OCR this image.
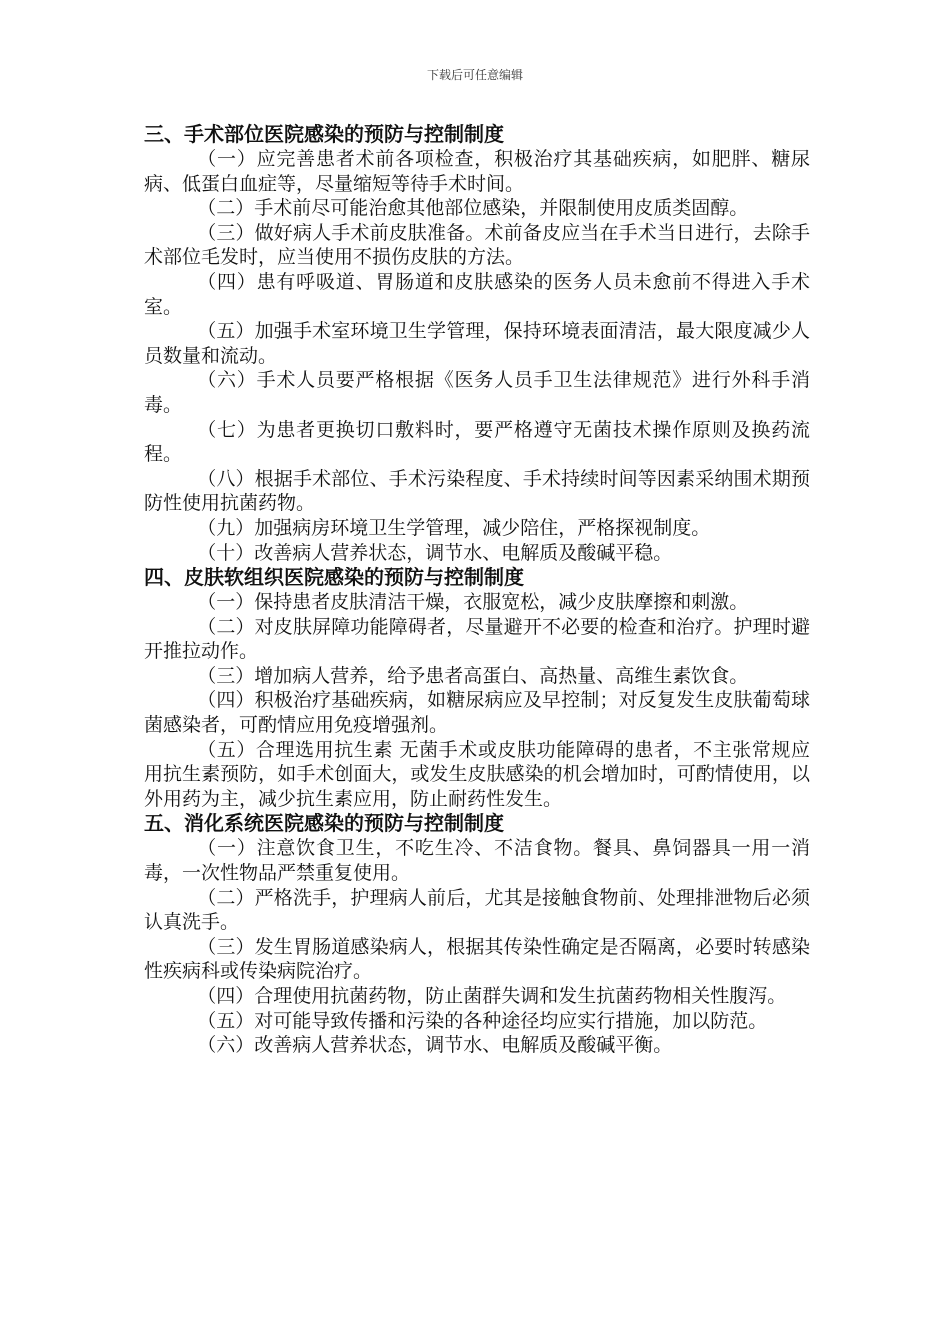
下载后可任意编辑
三、手术部位医院感染的预防与控制制度

（一）应完善患者术前各项检查，积极治疗其基础疾病，如肥胖、糖尿病、低蛋白血症等，尽量缩短等待手术时间。

（二）手术前尽可能治愈其他部位感染，并限制使用皮质类固醇。

（三）做好病人手术前皮肤准备。术前备皮应当在手术当日进行，去除手术部位毛发时，应当使用不损伤皮肤的方法。

（四）患有呼吸道、胃肠道和皮肤感染的医务人员未愈前不得进入手术室。

（五）加强手术室环境卫生学管理，保持环境表面清洁，最大限度减少人员数量和流动。

（六）手术人员要严格根据《医务人员手卫生法律规范》进行外科手消毒。

（七）为患者更换切口敷料时，要严格遵守无菌技术操作原则及换药流程。

（八）根据手术部位、手术污染程度、手术持续时间等因素采纳围术期预防性使用抗菌药物。

（九）加强病房环境卫生学管理，减少陪住，严格探视制度。

（十）改善病人营养状态，调节水、电解质及酸碱平稳。

四、皮肤软组织医院感染的预防与控制制度

（一）保持患者皮肤清洁干燥，衣服宽松，减少皮肤摩擦和刺激。

（二）对皮肤屏障功能障碍者，尽量避开不必要的检查和治疗。护理时避开推拉动作。

（三）增加病人营养，给予患者高蛋白、高热量、高维生素饮食。

（四）积极治疗基础疾病，如糖尿病应及早控制；对反复发生皮肤葡萄球菌感染者，可酌情应用免疫增强剂。

（五）合理选用抗生素 无菌手术或皮肤功能障碍的患者，不主张常规应用抗生素预防，如手术创面大，或发生皮肤感染的机会增加时，可酌情使用，以外用药为主，减少抗生素应用，防止耐药性发生。

五、消化系统医院感染的预防与控制制度

（一）注意饮食卫生，不吃生冷、不洁食物。餐具、鼻饲器具一用一消毒，一次性物品严禁重复使用。

（二）严格洗手，护理病人前后，尤其是接触食物前、处理排泄物后必须认真洗手。

（三）发生胃肠道感染病人，根据其传染性确定是否隔离，必要时转感染性疾病科或传染病院治疗。

（四）合理使用抗菌药物，防止菌群失调和发生抗菌药物相关性腹泻。

（五）对可能导致传播和污染的各种途径均应实行措施，加以防范。

（六）改善病人营养状态，调节水、电解质及酸碱平衡。
